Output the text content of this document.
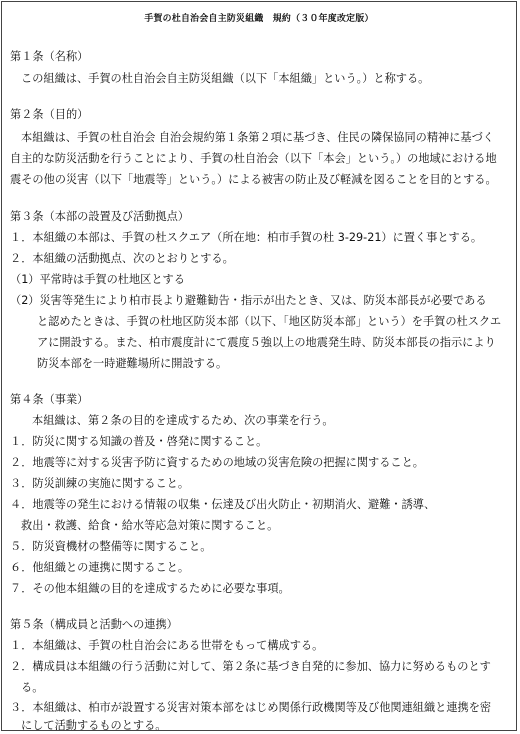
手賀の杜自治会自主防災組織　規約（３０年度改定版）
第１条（名称）
この組織は、手賀の杜自治会自主防災組織（以下「本組織」という。）と称する。
第２条（目的）
本組織は、手賀の杜自治会 自治会規約第１条第２項に基づき、住民の隣保協同の精神に基づく
自主的な防災活動を行うことにより、手賀の杜自治会（以下「本会」という。）の地域における地
震その他の災害（以下「地震等」という。）による被害の防止及び軽減を図ることを目的とする。
第３条（本部の設置及び活動拠点）
１．本組織の本部は、手賀の杜スクエア（所在地：柏市手賀の杜 3-29-21）に置く事とする。
２．本組織の活動拠点、次のとおりとする。
（1）平常時は手賀の杜地区とする
（2）災害等発生により柏市長より避難勧告・指示が出たとき、又は、防災本部長が必要である
と認めたときは、手賀の杜地区防災本部（以下、「地区防災本部」という）を手賀の杜スクエ
アに開設する。また、柏市震度計にて震度５強以上の地震発生時、防災本部長の指示により
防災本部を一時避難場所に開設する。
第４条（事業）
本組織は、第２条の目的を達成するため、次の事業を行う。
１．防災に関する知識の普及・啓発に関すること。
２．地震等に対する災害予防に資するための地域の災害危険の把握に関すること。
３．防災訓練の実施に関すること。
４．地震等の発生における情報の収集・伝達及び出火防止・初期消火、避難・誘導、
救出・救護、給食・給水等応急対策に関すること。
５．防災資機材の整備等に関すること。
６．他組織との連携に関すること。
７．その他本組織の目的を達成するために必要な事項。
第５条（構成員と活動への連携）
１．本組織は、手賀の杜自治会にある世帯をもって構成する。
２．構成員は本組織の行う活動に対して、第２条に基づき自発的に参加、協力に努めるものとす
る。
３．本組織は、柏市が設置する災害対策本部をはじめ関係行政機関等及び他関連組織と連携を密
にして活動するものとする。
